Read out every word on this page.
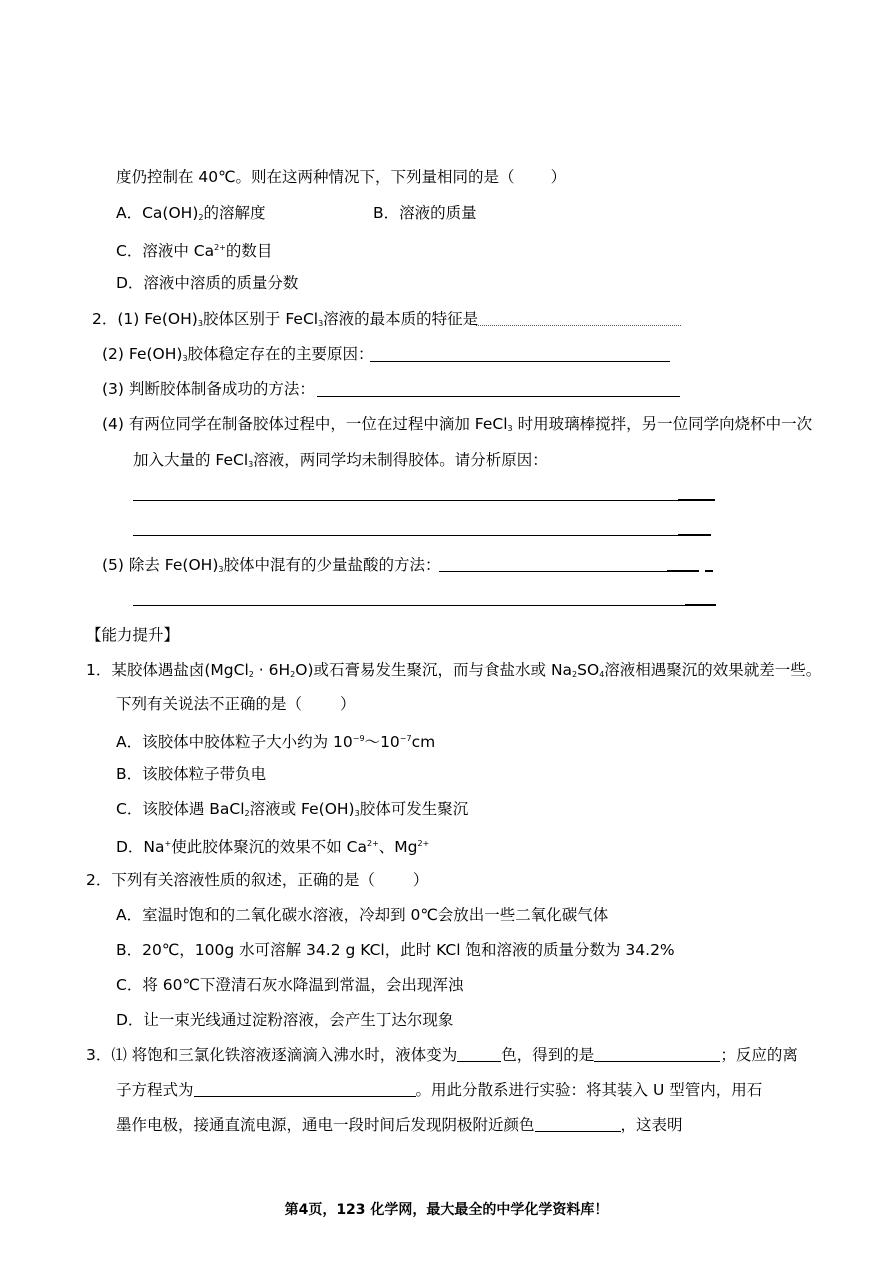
度仍控制在 40℃。则在这两种情况下，下列量相同的是（ ）
A．$Ca(OH)_2$的溶解度	B．溶液的质量
C．溶液中 $Ca^{2+}$的数目
D．溶液中溶质的质量分数
2．(1) $Fe(OH)_3$胶体区别于 FeCl$_3$溶液的最本质的特征是
(2) $Fe(OH)_3$胶体稳定存在的主要原因：
(3) 判断胶体制备成功的方法：
(4) 有两位同学在制备胶体过程中，一位在过程中滴加 FeCl$_3$ 时用玻璃棒搅拌，另一位同学向烧杯中一次
加入大量的 FeCl$_3$溶液，两同学均未制得胶体。请分析原因：
(5) 除去 $Fe(OH)_3$胶体中混有的少量盐酸的方法：
【能力提升】
1．某胶体遇盐卤(MgCl$_2$ · $6H_2O$)或石膏易发生聚沉，而与食盐水或 $Na_2SO_4$溶液相遇聚沉的效果就差一些。
下列有关说法不正确的是（ ）
A．该胶体中胶体粒子大小约为 $10^{-9}\sim 10^{-7}cm$
B．该胶体粒子带负电
C．该胶体遇 BaCl$_2$溶液或 $Fe(OH)_3$胶体可发生聚沉
D．Na+使此胶体聚沉的效果不如 $Ca^{2+}$、$Mg^{2+}$
2．下列有关溶液性质的叙述，正确的是（ ）
A．室温时饱和的二氧化碳水溶液，冷却到 0℃会放出一些二氧化碳气体
B．20℃，100g 水可溶解 34.2 g KCl，此时 KCl 饱和溶液的质量分数为 34.2%
C．将 60℃下澄清石灰水降温到常温，会出现浑浊
D．让一束光线通过淀粉溶液，会产生丁达尔现象
3．⑴ 将饱和三氯化铁溶液逐滴滴入沸水时，液体变为	色，得到的是	；反应的离
子方程式为	。用此分散系进行实验：将其装入 U 型管内，用石
墨作电极，接通直流电源，通电一段时间后发现阴极附近颜色	，这表明
第4页，123 化学网，最大最全的中学化学资料库！
